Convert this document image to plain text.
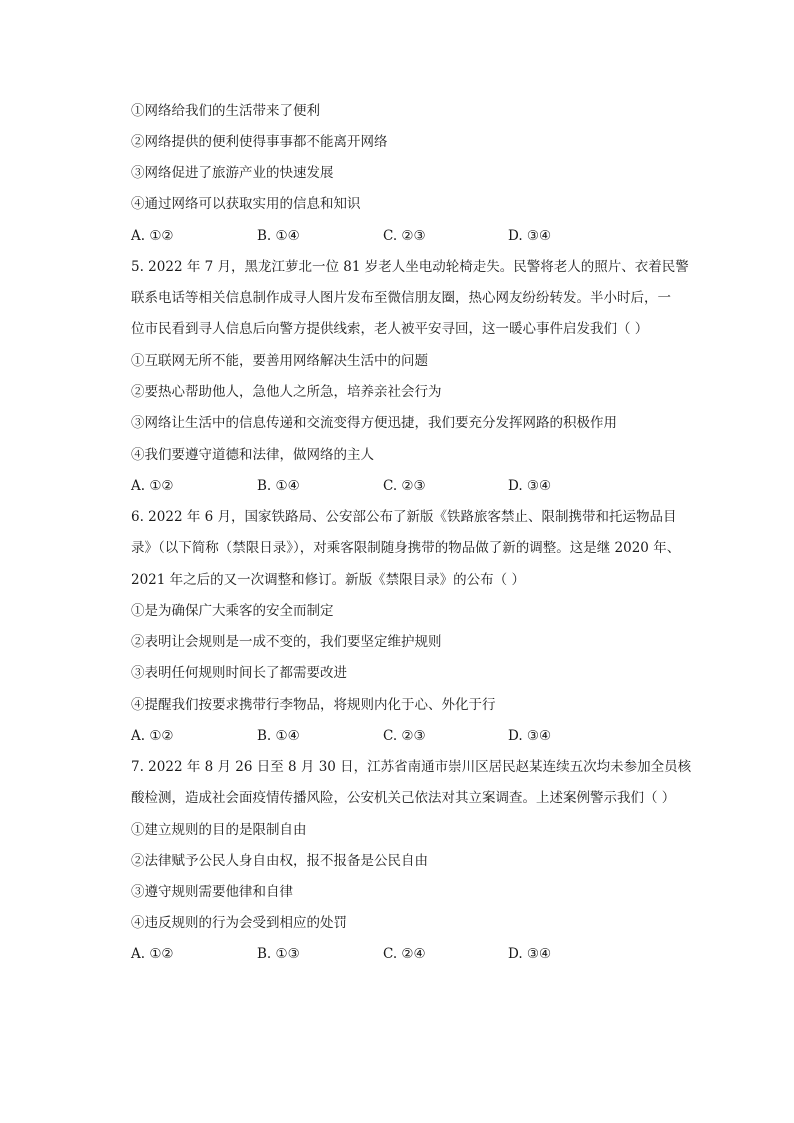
①网络给我们的生活带来了便利
②网络提供的便利使得事事都不能离开网络
③网络促进了旅游产业的快速发展
④通过网络可以获取实用的信息和知识
A. ①②	B. ①④	C. ②③	D. ③④
5. 2022 年 7 月，黑龙江萝北一位 81 岁老人坐电动轮椅走失。民警将老人的照片、衣着民警
联系电话等相关信息制作成寻人图片发布至微信朋友圈，热心网友纷纷转发。半小时后，一
位市民看到寻人信息后向警方提供线索，老人被平安寻回，这一暖心事件启发我们（ ）
①互联网无所不能，要善用网络解决生活中的问题
②要热心帮助他人，急他人之所急，培养亲社会行为
③网络让生活中的信息传递和交流变得方便迅捷，我们要充分发挥网路的积极作用
④我们要遵守道德和法律，做网络的主人
A. ①②	B. ①④	C. ②③	D. ③④
6. 2022 年 6 月，国家铁路局、公安部公布了新版《铁路旅客禁止、限制携带和托运物品目
录》（以下简称（禁限日录》），对乘客限制随身携带的物品做了新的调整。这是继 2020 年、
2021 年之后的又一次调整和修订。新版《禁限目录》的公布（ ）
①是为确保广大乘客的安全而制定
②表明让会规则是一成不变的，我们要坚定维护规则
③表明任何规则时间长了都需要改进
④提醒我们按要求携带行李物品，将规则内化于心、外化于行
A. ①②	B. ①④	C. ②③	D. ③④
7. 2022 年 8 月 26 日至 8 月 30 日，江苏省南通市崇川区居民赵某连续五次均未参加全员核
酸检测，造成社会面疫情传播风险，公安机关己依法对其立案调查。上述案例警示我们（ ）
①建立规则的目的是限制自由
②法律赋予公民人身自由权，报不报备是公民自由
③遵守规则需要他律和自律
④违反规则的行为会受到相应的处罚
A. ①②	B. ①③	C. ②④	D. ③④
